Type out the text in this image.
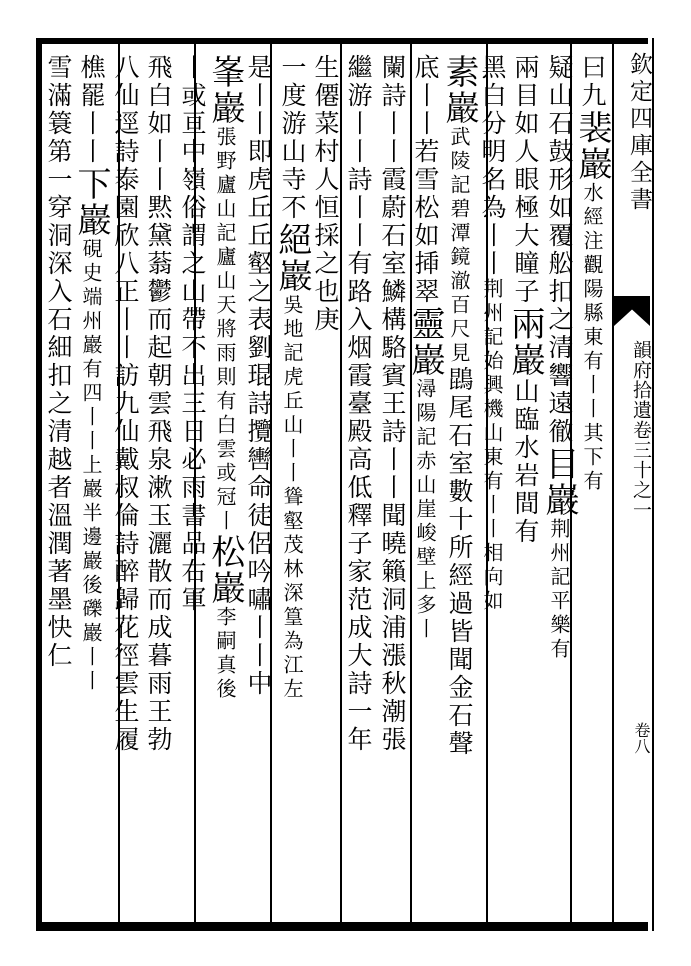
欽定四庫全書
韻府拾遺卷三十之一
卷八
曰九裴巖水經注觀陽縣東有丨丨其下有
疑山石鼓形如覆舩扣之清響遠徹目巖荆州記平樂有
兩目如人眼極大瞳子兩巖山臨水岩間有
黑白分明名為丨丨荆州記始興機山東有丨丨相向如
素巖武陵記碧潭鏡澈百尺見鵾尾石室數十所經過皆聞金石聲
底丨丨若雪松如揷翠靈巖潯陽記赤山崖峻壁上多丨
闌詩丨丨霞蔚石室鱗構駱賓王詩丨丨聞曉籟洞浦漲秋潮張
繼游丨丨詩丨丨有路入烟霞臺殿高低釋子家范成大詩一年
生僊菜村人恒採之也庚
一度游山寺不絕巖吳地記虎丘山丨丨聳壑茂林深篁為江左
是丨丨即虎丘丘壑之表劉琨詩攬轡命徒侶吟嘯丨丨中
峯巖張野廬山記廬山天將雨則有白雲或冠丨松巖李嗣真後
丨或亘中嶺俗謂之山帶不出三日必雨書品右軍
飛白如丨丨黙黛蓊鬱而起朝雲飛泉漱玉灑散而成暮雨王勃
八仙逕詩泰園欣八正丨丨訪九仙戴叔倫詩醉歸花徑雲生履
樵罷丨丨下巖硯史端州巖有四丨丨上巖半邊巖後礫巖丨丨
雪滿簑第一穿洞深入石細扣之清越者溫潤著墨快仁
